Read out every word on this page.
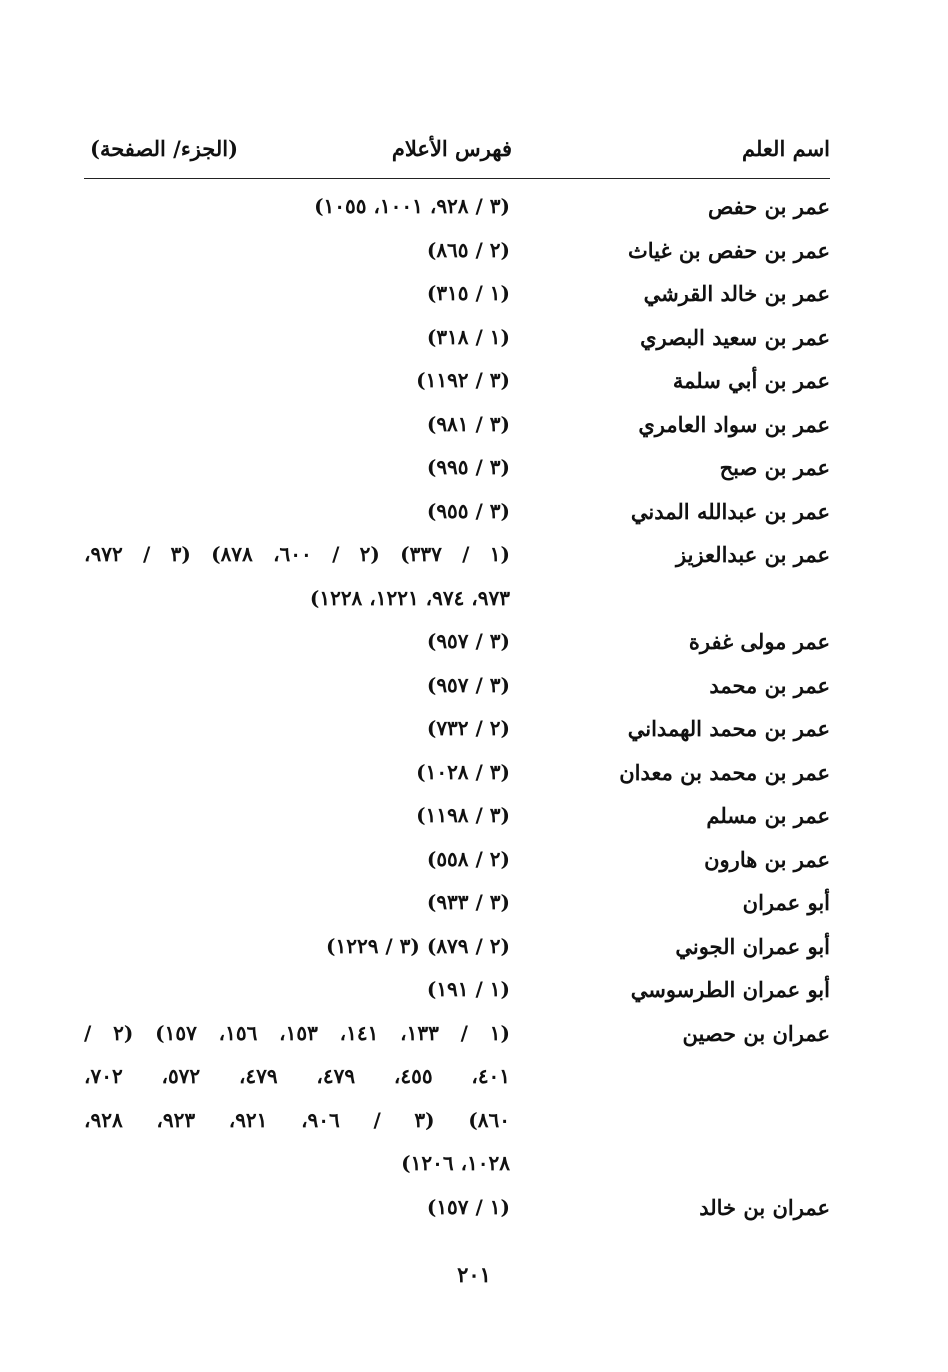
اسم العلم
فهرس الأعلام
(الجزء/ الصفحة)
عمر بن حفص
(٣ / ٩٢٨، ١٠٠١، ١٠٥٥)
عمر بن حفص بن غياث
(٢ / ٨٦٥)
عمر بن خالد القرشي
(١ / ٣١٥)
عمر بن سعيد البصري
(١ / ٣١٨)
عمر بن أبي سلمة
(٣ / ١١٩٢)
عمر بن سواد العامري
(٣ / ٩٨١)
عمر بن صبح
(٣ / ٩٩٥)
عمر بن عبدالله المدني
(٣ / ٩٥٥)
عمر بن عبدالعزيز
(١ / ٣٣٧) (٢ / ٦٠٠، ٨٧٨) (٣ / ٩٧٢،
٩٧٣، ٩٧٤، ١٢٢١، ١٢٢٨)
عمر مولى غفرة
(٣ / ٩٥٧)
عمر بن محمد
(٣ / ٩٥٧)
عمر بن محمد الهمداني
(٢ / ٧٣٢)
عمر بن محمد بن معدان
(٣ / ١٠٢٨)
عمر بن مسلم
(٣ / ١١٩٨)
عمر بن هارون
(٢ / ٥٥٨)
أبو عمران
(٣ / ٩٣٣)
أبو عمران الجوني
(٢ / ٨٧٩) (٣ / ١٢٢٩)
أبو عمران الطرسوسي
(١ / ١٩١)
عمران بن حصين
(١ / ١٣٣، ١٤١، ١٥٣، ١٥٦، ١٥٧) (٢ /
٤٠١، ٤٥٥، ٤٧٩، ٤٧٩، ٥٧٢، ٧٠٢،
٨٦٠) (٣ / ٩٠٦، ٩٢١، ٩٢٣، ٩٢٨،
١٠٢٨، ١٢٠٦)
عمران بن خالد
(١ / ١٥٧)
٢٠١
